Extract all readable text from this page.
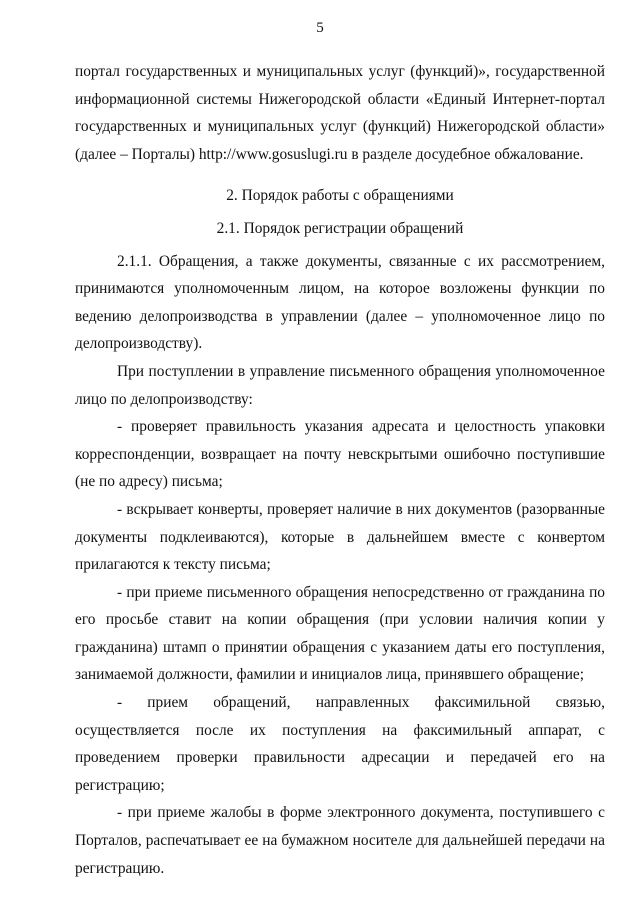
5

портал государственных и муниципальных услуг (функций)», государственной информационной системы Нижегородской области «Единый Интернет-портал государственных и муниципальных услуг (функций) Нижегородской области» (далее – Порталы) http://www.gosuslugi.ru в разделе досудебное обжалование.

2. Порядок работы с обращениями

2.1. Порядок регистрации обращений

2.1.1. Обращения, а также документы, связанные с их рассмотрением, принимаются уполномоченным лицом, на которое возложены функции по ведению делопроизводства в управлении (далее – уполномоченное лицо по делопроизводству).

При поступлении в управление письменного обращения уполномоченное лицо по делопроизводству:

- проверяет правильность указания адресата и целостность упаковки корреспонденции, возвращает на почту невскрытыми ошибочно поступившие (не по адресу) письма;

- вскрывает конверты, проверяет наличие в них документов (разорванные документы подклеиваются), которые в дальнейшем вместе с конвертом прилагаются к тексту письма;

- при приеме письменного обращения непосредственно от гражданина по его просьбе ставит на копии обращения (при условии наличия копии у гражданина) штамп о принятии обращения с указанием даты его поступления, занимаемой должности, фамилии и инициалов лица, принявшего обращение;

- прием обращений, направленных факсимильной связью, осуществляется после их поступления на факсимильный аппарат, с проведением проверки правильности адресации и передачей его на регистрацию;

- при приеме жалобы в форме электронного документа, поступившего с Порталов, распечатывает ее на бумажном носителе для дальнейшей передачи на регистрацию.
